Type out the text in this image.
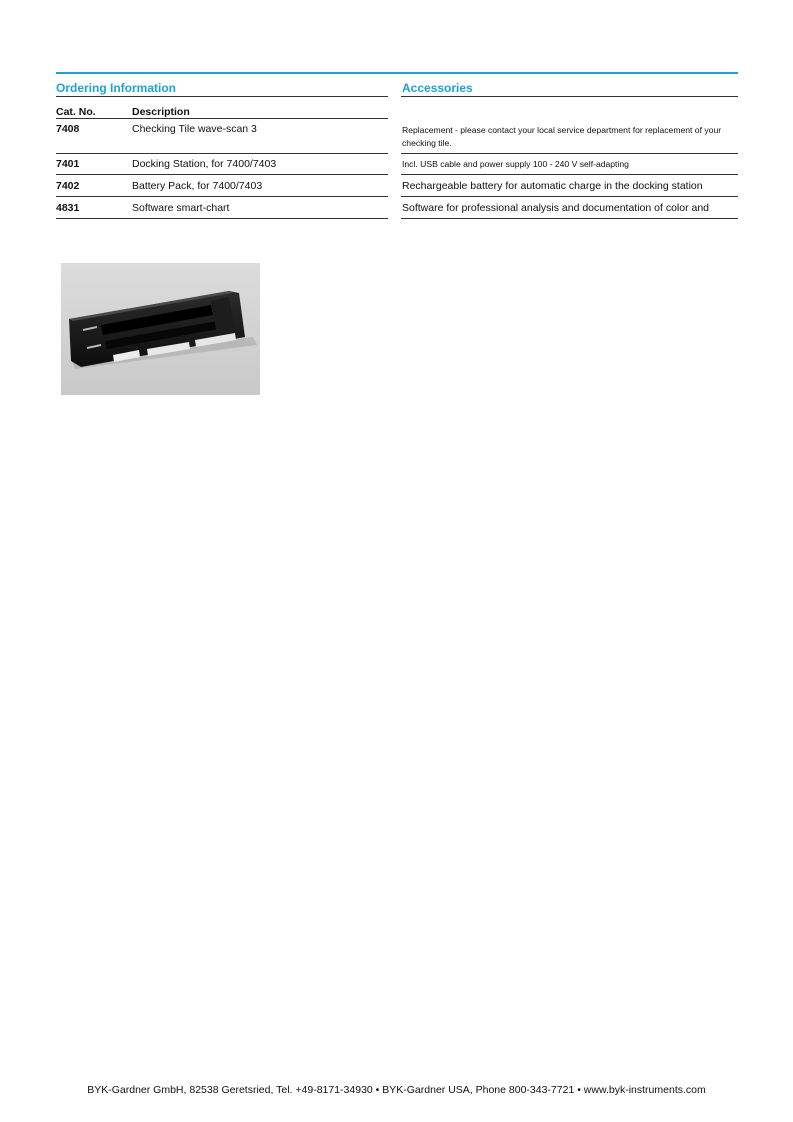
Ordering Information	Accessories
Cat. No.	Description
7408	Checking Tile wave-scan 3	Replacement - please contact your local service department for replacement of your checking tile.
7401	Docking Station, for 7400/7403	Incl. USB cable and power supply 100 - 240 V self-adapting
7402	Battery Pack, for 7400/7403	Rechargeable battery for automatic charge in the docking station
4831	Software smart-chart	Software for professional analysis and documentation of color and
BYK-Gardner GmbH, 82538 Geretsried, Tel. +49-8171-34930 • BYK-Gardner USA, Phone 800-343-7721 • www.byk-instruments.com
